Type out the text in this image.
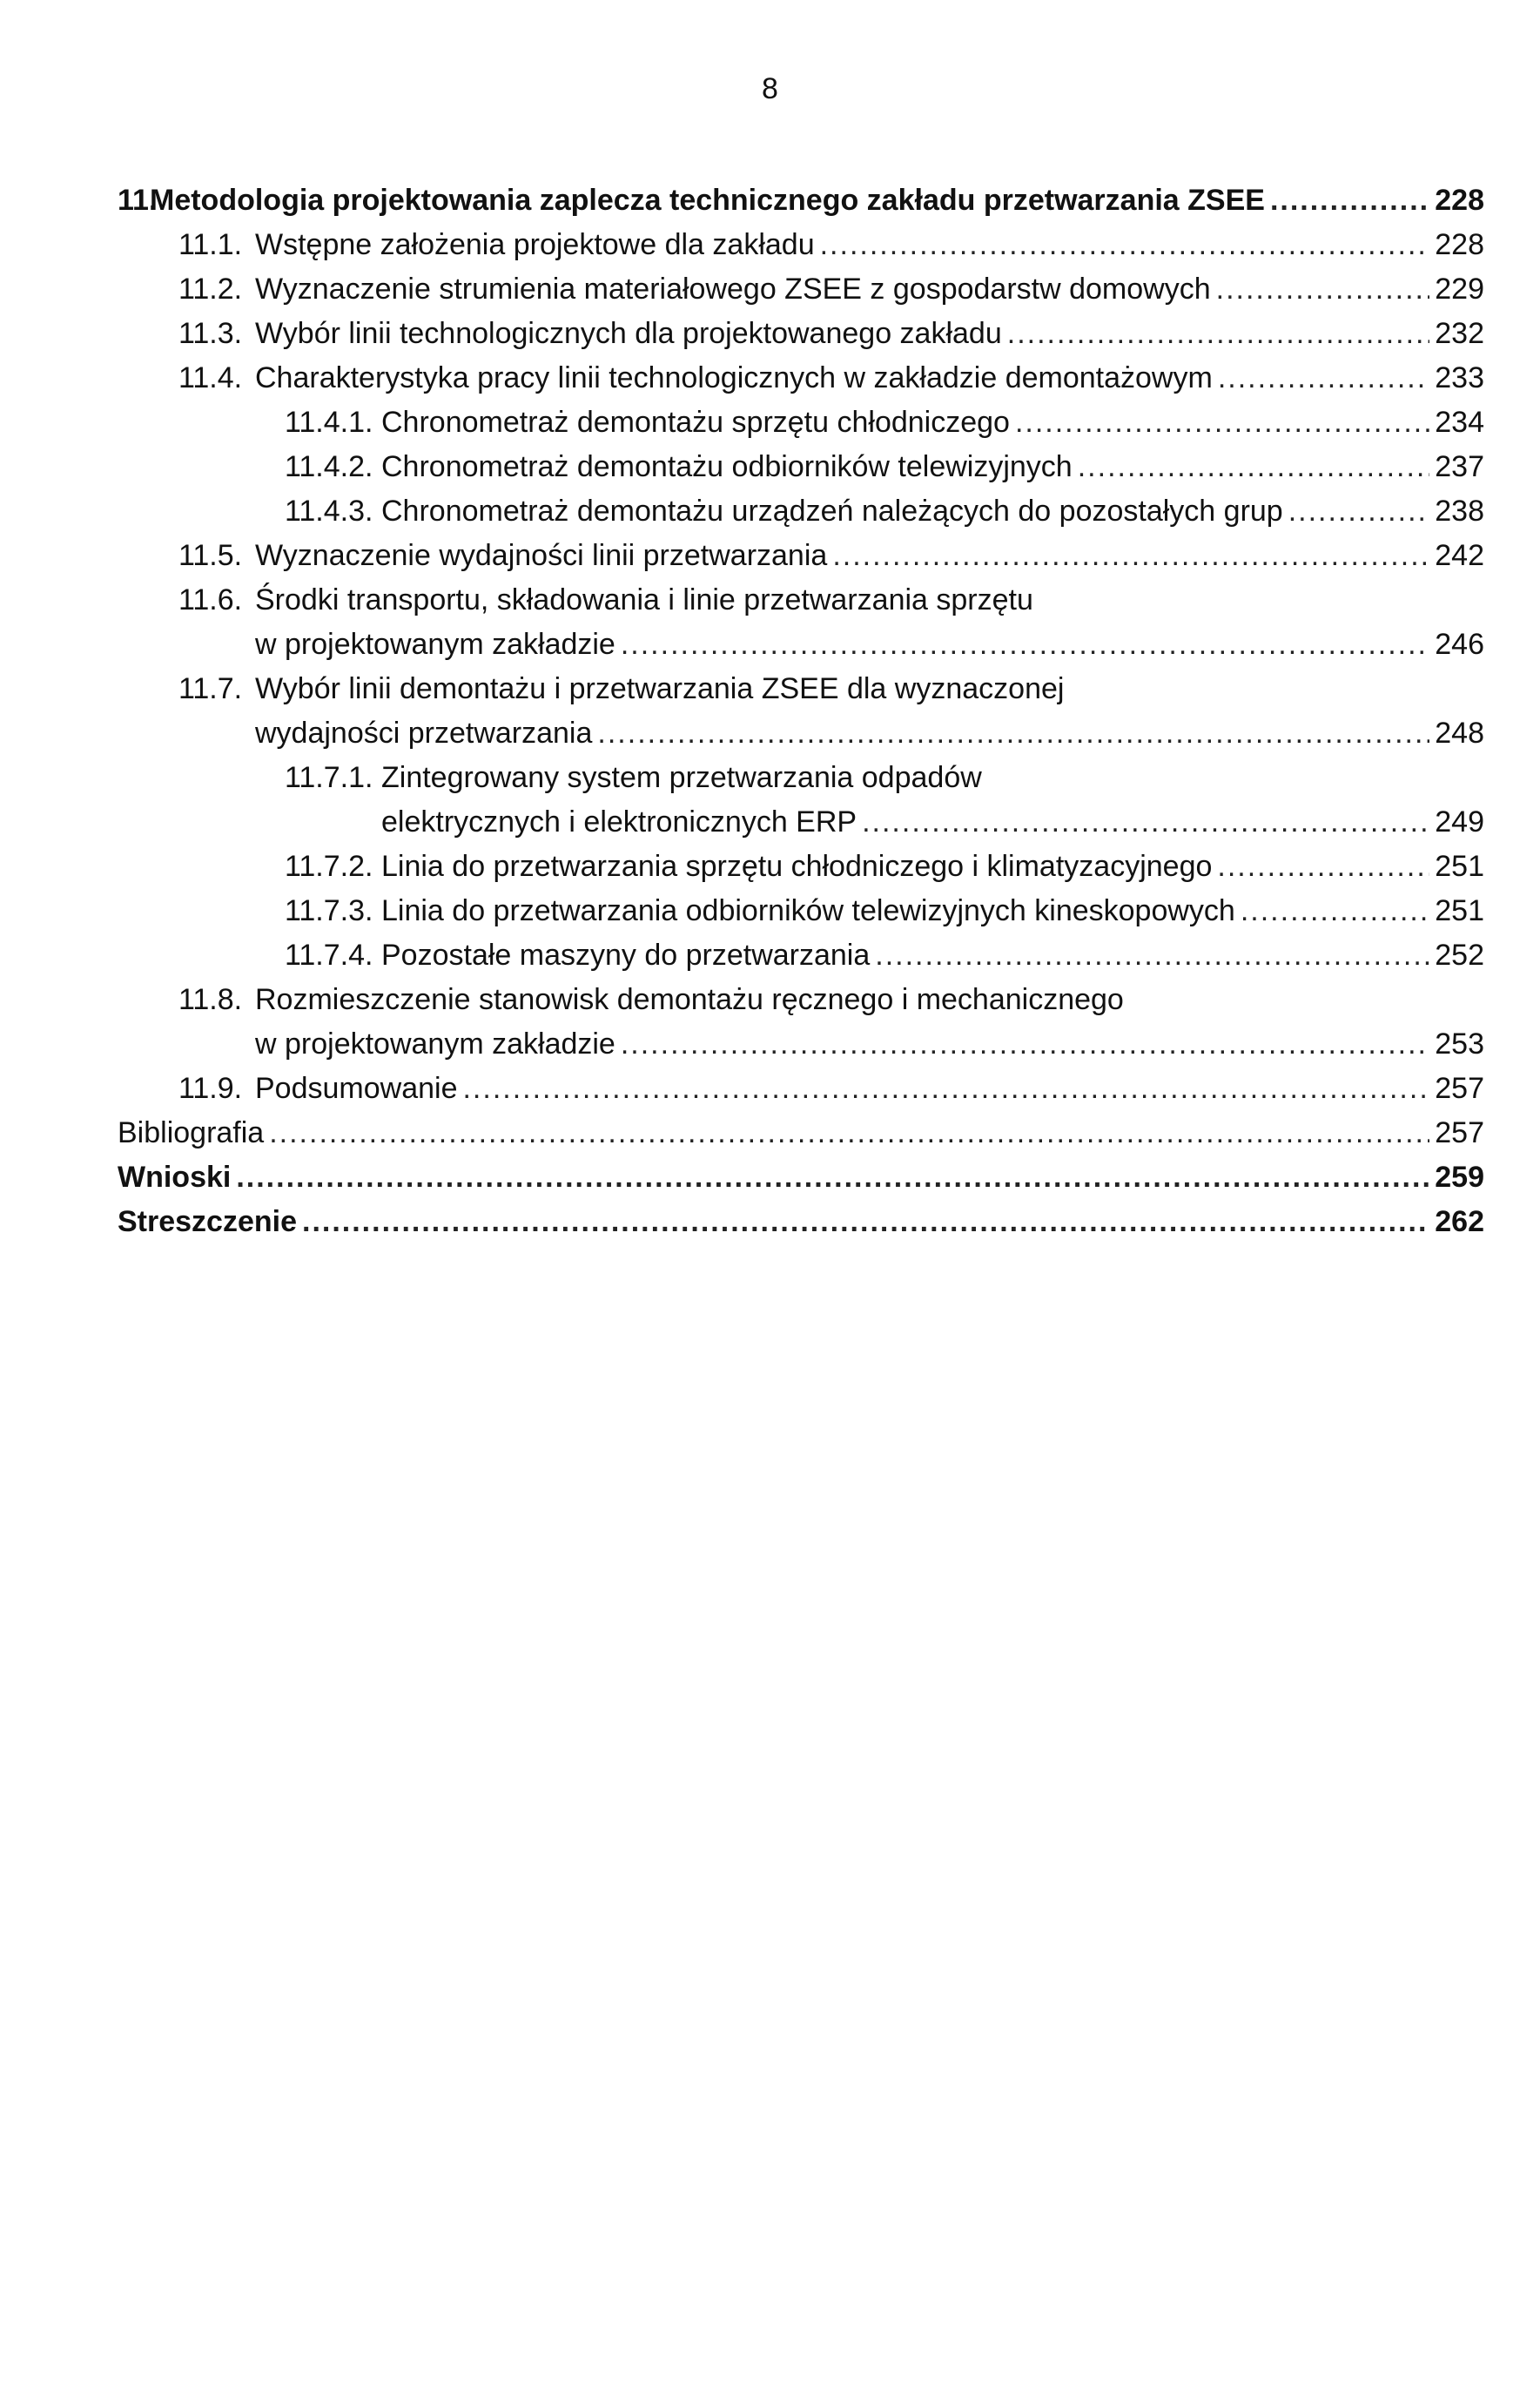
8
11.
Metodologia projektowania zaplecza technicznego zakładu przetwarzania ZSEE .....	228
11.1. Wstępne założenia projektowe dla zakładu .....	228
11.2. Wyznaczenie strumienia materiałowego ZSEE z gospodarstw domowych .....	229
11.3. Wybór linii technologicznych dla projektowanego zakładu .....	232
11.4. Charakterystyka pracy linii technologicznych w zakładzie demontażowym .....	233
11.4.1. Chronometraż demontażu sprzętu chłodniczego .....	234
11.4.2. Chronometraż demontażu odbiorników telewizyjnych .....	237
11.4.3. Chronometraż demontażu urządzeń należących do pozostałych grup .....	238
11.5. Wyznaczenie wydajności linii przetwarzania .....	242
11.6. Środki transportu, składowania i linie przetwarzania sprzętu
w projektowanym zakładzie .....	246
11.7. Wybór linii demontażu i przetwarzania ZSEE dla wyznaczonej
wydajności przetwarzania .....	248
11.7.1. Zintegrowany system przetwarzania odpadów
elektrycznych i elektronicznych ERP .....	249
11.7.2. Linia do przetwarzania sprzętu chłodniczego i klimatyzacyjnego .....	251
11.7.3. Linia do przetwarzania odbiorników telewizyjnych kineskopowych .....	251
11.7.4. Pozostałe maszyny do przetwarzania .....	252
11.8. Rozmieszczenie stanowisk demontażu ręcznego i mechanicznego
w projektowanym zakładzie .....	253
11.9. Podsumowanie .....	257
Bibliografia .....	257
Wnioski .....	259
Streszczenie .....	262
